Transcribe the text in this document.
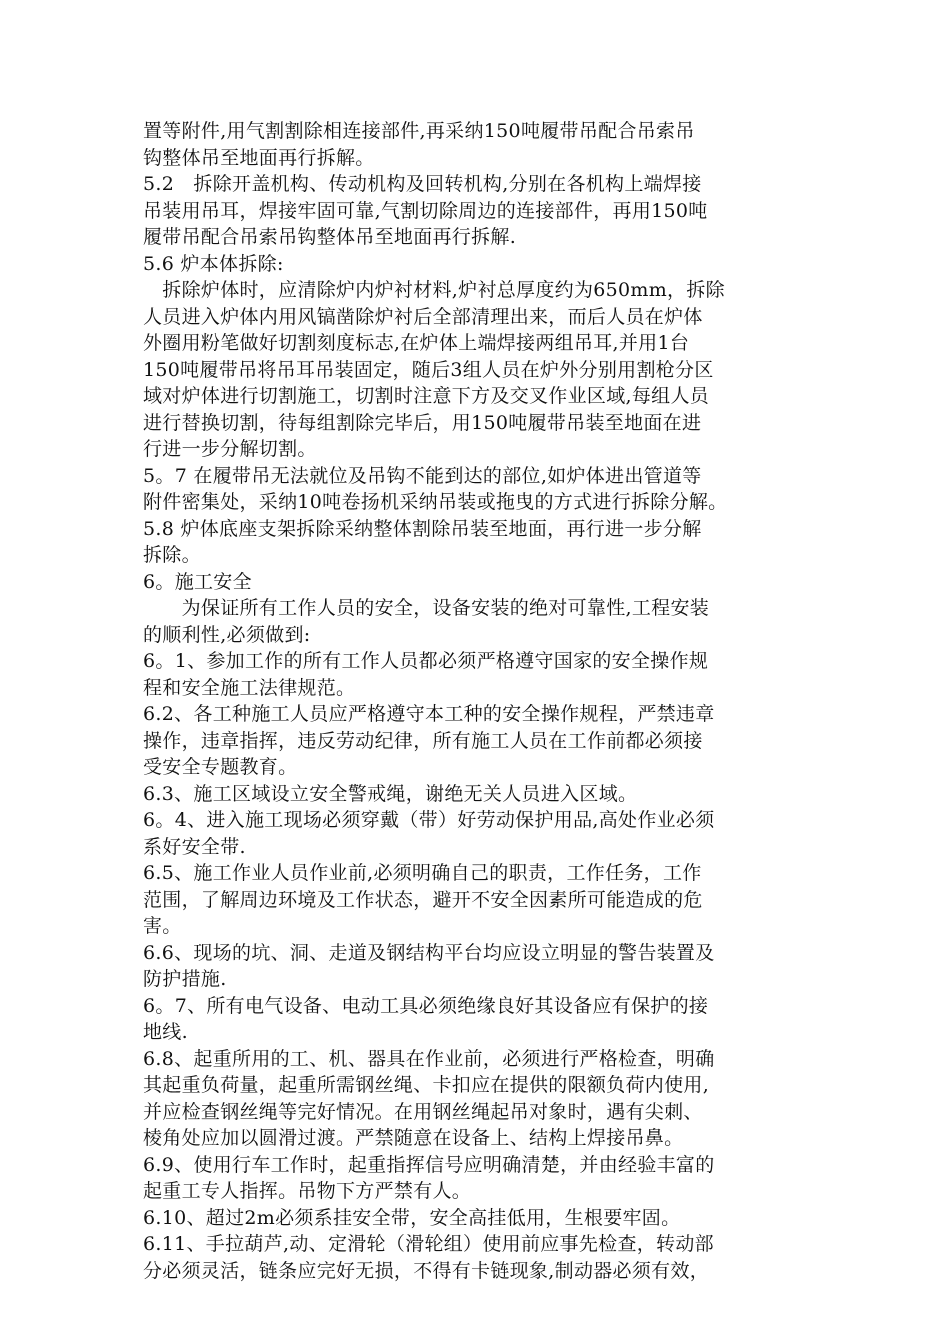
置等附件,用气割割除相连接部件,再采纳150吨履带吊配合吊索吊
钩整体吊至地面再行拆解。
5.2　拆除开盖机构、传动机构及回转机构,分别在各机构上端焊接
吊装用吊耳，焊接牢固可靠,气割切除周边的连接部件，再用150吨
履带吊配合吊索吊钩整体吊至地面再行拆解.
5.6 炉本体拆除:
　拆除炉体时，应清除炉内炉衬材料,炉衬总厚度约为650mm，拆除
人员进入炉体内用风镐凿除炉衬后全部清理出来，而后人员在炉体
外圈用粉笔做好切割刻度标志,在炉体上端焊接两组吊耳,并用1台
150吨履带吊将吊耳吊装固定，随后3组人员在炉外分别用割枪分区
域对炉体进行切割施工，切割时注意下方及交叉作业区域,每组人员
进行替换切割，待每组割除完毕后，用150吨履带吊装至地面在进
行进一步分解切割。
5。7 在履带吊无法就位及吊钩不能到达的部位,如炉体进出管道等
附件密集处，采纳10吨卷扬机采纳吊装或拖曳的方式进行拆除分解。
5.8 炉体底座支架拆除采纳整体割除吊装至地面，再行进一步分解
拆除。
6。施工安全
　　为保证所有工作人员的安全，设备安装的绝对可靠性,工程安装
的顺利性,必须做到:
6。1、参加工作的所有工作人员都必须严格遵守国家的安全操作规
程和安全施工法律规范。
6.2、各工种施工人员应严格遵守本工种的安全操作规程，严禁违章
操作，违章指挥，违反劳动纪律，所有施工人员在工作前都必须接
受安全专题教育。
6.3、施工区域设立安全警戒绳，谢绝无关人员进入区域。
6。4、进入施工现场必须穿戴（带）好劳动保护用品,高处作业必须
系好安全带.
6.5、施工作业人员作业前,必须明确自己的职责，工作任务，工作
范围，了解周边环境及工作状态，避开不安全因素所可能造成的危
害。
6.6、现场的坑、洞、走道及钢结构平台均应设立明显的警告装置及
防护措施.
6。7、所有电气设备、电动工具必须绝缘良好其设备应有保护的接
地线.
6.8、起重所用的工、机、器具在作业前，必须进行严格检查，明确
其起重负荷量，起重所需钢丝绳、卡扣应在提供的限额负荷内使用,
并应检查钢丝绳等完好情况。在用钢丝绳起吊对象时，遇有尖刺、
棱角处应加以圆滑过渡。严禁随意在设备上、结构上焊接吊鼻。
6.9、使用行车工作时，起重指挥信号应明确清楚，并由经验丰富的
起重工专人指挥。吊物下方严禁有人。
6.10、超过2m必须系挂安全带，安全高挂低用，生根要牢固。
6.11、手拉葫芦,动、定滑轮（滑轮组）使用前应事先检查，转动部
分必须灵活，链条应完好无损，不得有卡链现象,制动器必须有效，
